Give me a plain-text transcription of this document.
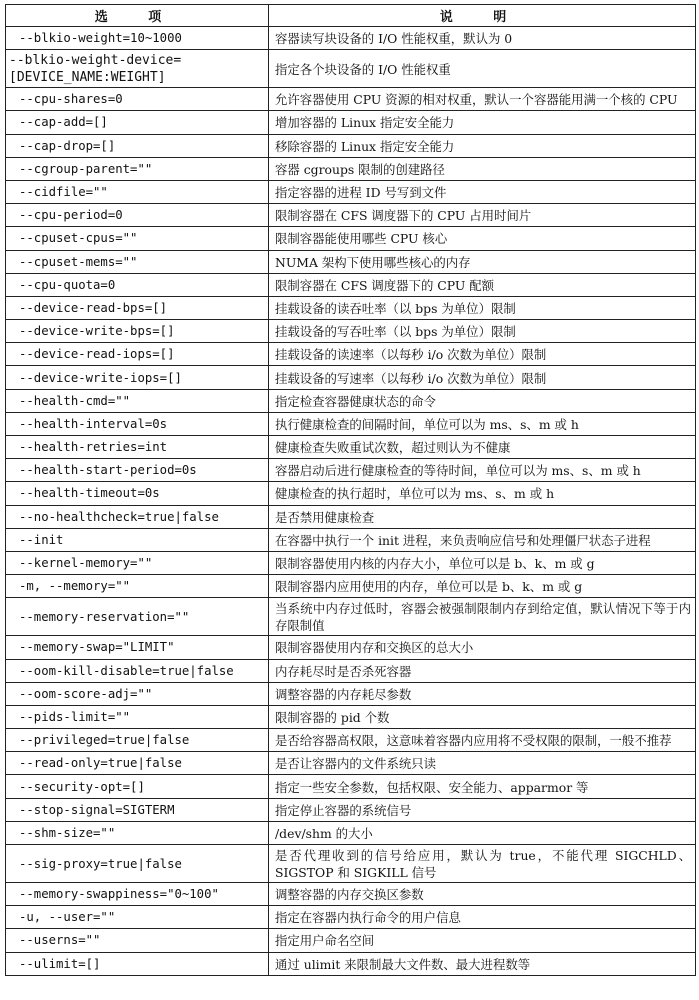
选 项	说 明
--blkio-weight=10~1000	容器读写块设备的 I/O 性能权重，默认为 0
--blkio-weight-device=[DEVICE_NAME:WEIGHT]	指定各个块设备的 I/O 性能权重
--cpu-shares=0	允许容器使用 CPU 资源的相对权重，默认一个容器能用满一个核的 CPU
--cap-add=[]	增加容器的 Linux 指定安全能力
--cap-drop=[]	移除容器的 Linux 指定安全能力
--cgroup-parent=""	容器 cgroups 限制的创建路径
--cidfile=""	指定容器的进程 ID 号写到文件
--cpu-period=0	限制容器在 CFS 调度器下的 CPU 占用时间片
--cpuset-cpus=""	限制容器能使用哪些 CPU 核心
--cpuset-mems=""	NUMA 架构下使用哪些核心的内存
--cpu-quota=0	限制容器在 CFS 调度器下的 CPU 配额
--device-read-bps=[]	挂载设备的读吞吐率（以 bps 为单位）限制
--device-write-bps=[]	挂载设备的写吞吐率（以 bps 为单位）限制
--device-read-iops=[]	挂载设备的读速率（以每秒 i/o 次数为单位）限制
--device-write-iops=[]	挂载设备的写速率（以每秒 i/o 次数为单位）限制
--health-cmd=""	指定检查容器健康状态的命令
--health-interval=0s	执行健康检查的间隔时间，单位可以为 ms、s、m 或 h
--health-retries=int	健康检查失败重试次数，超过则认为不健康
--health-start-period=0s	容器启动后进行健康检查的等待时间，单位可以为 ms、s、m 或 h
--health-timeout=0s	健康检查的执行超时，单位可以为 ms、s、m 或 h
--no-healthcheck=true|false	是否禁用健康检查
--init	在容器中执行一个 init 进程，来负责响应信号和处理僵尸状态子进程
--kernel-memory=""	限制容器使用内核的内存大小，单位可以是 b、k、m 或 g
-m, --memory=""	限制容器内应用使用的内存，单位可以是 b、k、m 或 g
--memory-reservation=""	当系统中内存过低时，容器会被强制限制内存到给定值，默认情况下等于内存限制值
--memory-swap="LIMIT"	限制容器使用内存和交换区的总大小
--oom-kill-disable=true|false	内存耗尽时是否杀死容器
--oom-score-adj=""	调整容器的内存耗尽参数
--pids-limit=""	限制容器的 pid 个数
--privileged=true|false	是否给容器高权限，这意味着容器内应用将不受权限的限制，一般不推荐
--read-only=true|false	是否让容器内的文件系统只读
--security-opt=[]	指定一些安全参数，包括权限、安全能力、apparmor 等
--stop-signal=SIGTERM	指定停止容器的系统信号
--shm-size=""	/dev/shm 的大小
--sig-proxy=true|false	是否代理收到的信号给应用，默认为 true，不能代理 SIGCHLD、SIGSTOP 和 SIGKILL 信号
--memory-swappiness="0~100"	调整容器的内存交换区参数
-u, --user=""	指定在容器内执行命令的用户信息
--userns=""	指定用户命名空间
--ulimit=[]	通过 ulimit 来限制最大文件数、最大进程数等
